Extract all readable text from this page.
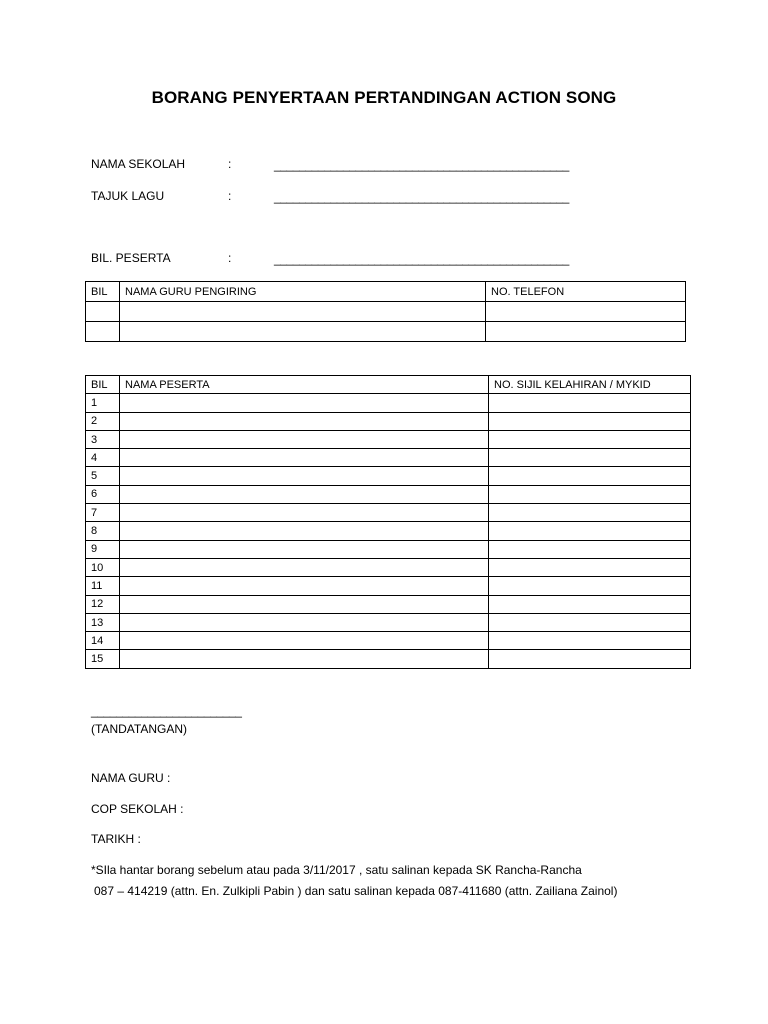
BORANG PENYERTAAN PERTANDINGAN ACTION SONG
NAMA SEKOLAH	:	_______________________________________________
TAJUK LAGU	:	_______________________________________________
BIL. PESERTA	:	_______________________________________________
BIL	NAMA GURU PENGIRING	NO. TELEFON

BIL	NAMA PESERTA	NO. SIJIL KELAHIRAN / MYKID
1		
2		
3		
4		
5		
6		
7		
8		
9		
10		
11		
12		
13		
14		
15		
________________________
(TANDATANGAN)
NAMA GURU :
COP SEKOLAH :
TARIKH :
*SIla hantar borang sebelum atau pada 3/11/2017 , satu salinan kepada SK Rancha-Rancha
087 – 414219 (attn. En. Zulkipli Pabin ) dan satu salinan kepada 087-411680 (attn. Zailiana Zainol)
